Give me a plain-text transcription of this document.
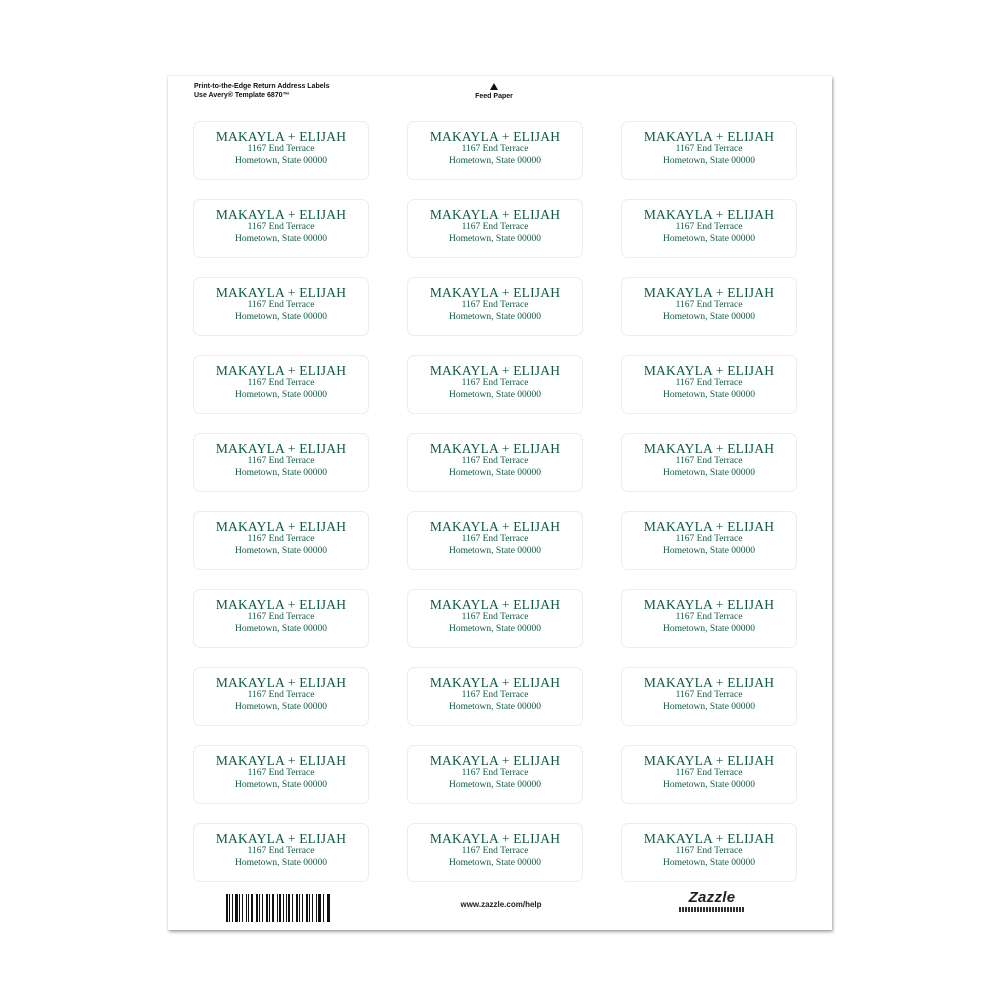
Print-to-the-Edge Return Address Labels
Use Avery® Template 6870™	Feed Paper
MAKAYLA + ELIJAH
1167 End Terrace
Hometown, State 00000
MAKAYLA + ELIJAH
1167 End Terrace
Hometown, State 00000
MAKAYLA + ELIJAH
1167 End Terrace
Hometown, State 00000
MAKAYLA + ELIJAH
1167 End Terrace
Hometown, State 00000
MAKAYLA + ELIJAH
1167 End Terrace
Hometown, State 00000
MAKAYLA + ELIJAH
1167 End Terrace
Hometown, State 00000
MAKAYLA + ELIJAH
1167 End Terrace
Hometown, State 00000
MAKAYLA + ELIJAH
1167 End Terrace
Hometown, State 00000
MAKAYLA + ELIJAH
1167 End Terrace
Hometown, State 00000
MAKAYLA + ELIJAH
1167 End Terrace
Hometown, State 00000
MAKAYLA + ELIJAH
1167 End Terrace
Hometown, State 00000
MAKAYLA + ELIJAH
1167 End Terrace
Hometown, State 00000
MAKAYLA + ELIJAH
1167 End Terrace
Hometown, State 00000
MAKAYLA + ELIJAH
1167 End Terrace
Hometown, State 00000
MAKAYLA + ELIJAH
1167 End Terrace
Hometown, State 00000
MAKAYLA + ELIJAH
1167 End Terrace
Hometown, State 00000
MAKAYLA + ELIJAH
1167 End Terrace
Hometown, State 00000
MAKAYLA + ELIJAH
1167 End Terrace
Hometown, State 00000
MAKAYLA + ELIJAH
1167 End Terrace
Hometown, State 00000
MAKAYLA + ELIJAH
1167 End Terrace
Hometown, State 00000
MAKAYLA + ELIJAH
1167 End Terrace
Hometown, State 00000
MAKAYLA + ELIJAH
1167 End Terrace
Hometown, State 00000
MAKAYLA + ELIJAH
1167 End Terrace
Hometown, State 00000
MAKAYLA + ELIJAH
1167 End Terrace
Hometown, State 00000
MAKAYLA + ELIJAH
1167 End Terrace
Hometown, State 00000
MAKAYLA + ELIJAH
1167 End Terrace
Hometown, State 00000
MAKAYLA + ELIJAH
1167 End Terrace
Hometown, State 00000
MAKAYLA + ELIJAH
1167 End Terrace
Hometown, State 00000
MAKAYLA + ELIJAH
1167 End Terrace
Hometown, State 00000
MAKAYLA + ELIJAH
1167 End Terrace
Hometown, State 00000
www.zazzle.com/help	Zazzle
